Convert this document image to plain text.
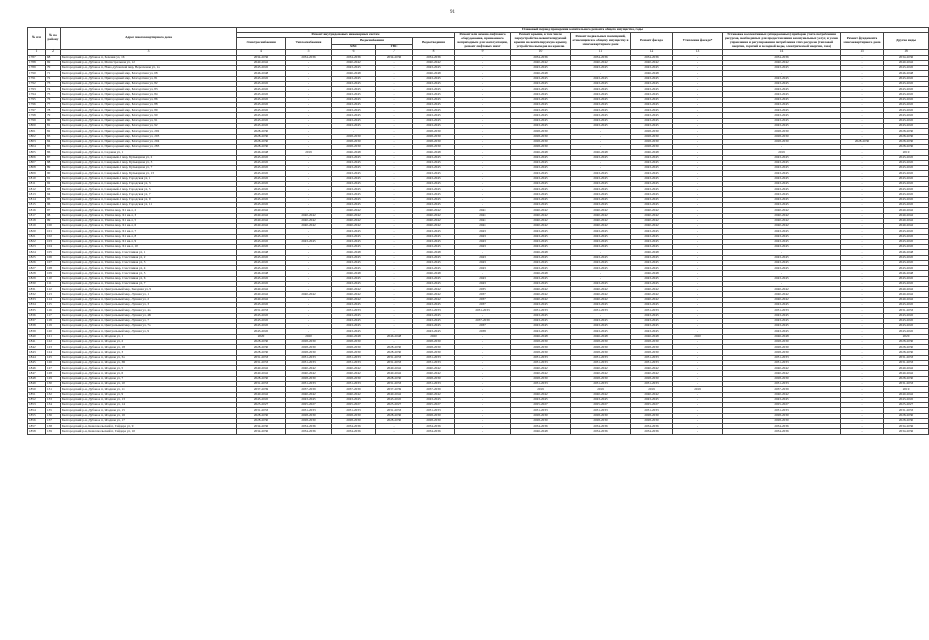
91
№ п/п	№ по району	Адрес многоквартирного дома	Плановый период проведения капитального ремонта общего имущества, годы												
			Ремонт внутридомовых инженерных систем					Ремонт или замена лифтового оборудования, признанного непригодным для эксплуатации, ремонт лифтовых шахт	Ремонт крыши, в том числе переустройство невентилируемой крыши на вентилируемую крышу, устройство выходов на кровлю	Ремонт подвальных помещений, относящихся к общему имуществу в многоквартирном доме	Ремонт фасада	Утепление фасада*	Установка коллективных (общедомовых) приборов учета потребления ресурсов, необходимых для предоставления коммунальных услуг, и узлов управления и регулирования потребления этих ресурсов (тепловой энергии, горячей и холодной воды, электрической энергии, газа)	Ремонт фундамента многоквартирного дома	Другие виды
			Электроснабжения	Теплоснабжения	Водоснабжения		Водоотведения								
					ХВС	ГВС									
1	2	3	4	5	6	7	8	9	10	11	12	13	14	15	16
1787	68	Белгородский р-н, Дубовое п, Зеленая ул, 16	2034-2036	2034-2036	2034-2036	2034-2036	2034-2036	-	2034-2036	2034-2036	2034-2036	-	2034-2036	-	2034-2036
1788	69	Белгородский р-н, Дубовое п, Магистральная ул, 12	2040-2042	-	2040-2042	-	2040-2042	-	2040-2042	2040-2042	2040-2042	-	2040-2042	-	2040-2042
1789	70	Белгородский р-н, Дубовое п, Ново-дубовской мкр, Вересковая ул, 1а	2043-2045	-	2043-2045	-	2043-2045	-	2043-2045	2043-2045	2043-2045	-	2043-2045	-	2043-2045
1790	71	Белгородский р-н, Дубовое п, Пригородный мкр, Благодатная ул, 68	2046-2048	-	2046-2048	-	2046-2048	-	2046-2048	-	2046-2048	-	-	-	2046-2048
1791	72	Белгородский р-н, Дубовое п, Пригородный мкр, Благодатная ул, 81	2043-2045	-	2043-2045	-	2043-2045	-	2043-2045	2043-2045	2043-2045	-	2043-2045	-	2043-2045
1792	73	Белгородский р-н, Дубовое п, Пригородный мкр, Благодатная ул, 82	2043-2045	-	2043-2045	-	2043-2045	-	2043-2045	2043-2045	2043-2045	-	2043-2045	-	2043-2045
1793	74	Белгородский р-н, Дубовое п, Пригородный мкр, Благодатная ул, 83	2043-2045	-	2043-2045	-	2043-2045	-	2043-2045	2043-2045	2043-2045	-	2043-2045	-	2043-2045
1794	75	Белгородский р-н, Дубовое п, Пригородный мкр, Благодатная ул, 84	2043-2045	-	2043-2045	-	2043-2045	-	2043-2045	2043-2045	2043-2045	-	2043-2045	-	2043-2045
1795	76	Белгородский р-н, Дубовое п, Пригородный мкр, Благодатная ул, 86	2043-2045	-	2043-2045	-	2043-2045	-	2043-2045	2043-2045	2043-2045	-	2043-2045	-	2043-2045
1796	77	Белгородский р-н, Дубовое п, Пригородный мкр, Благодатная ул, 88	2043-2045	-	2043-2045	-	2043-2045	-	2043-2045	2043-2045	2043-2045	-	2043-2045	-	2043-2045
1797	78	Белгородский р-н, Дубовое п, Пригородный мкр, Благодатная ул, 89	2043-2045	-	2043-2045	-	2043-2045	-	2043-2045	2043-2045	2043-2045	-	2043-2045	-	2043-2045
1798	79	Белгородский р-н, Дубовое п, Пригородный мкр, Благодатная ул, 90	2043-2045	-	2043-2045	-	2043-2045	-	2043-2045	2043-2045	2043-2045	-	2043-2045	-	2043-2045
1799	80	Белгородский р-н, Дубовое п, Пригородный мкр, Благодатная ул, 91	2043-2045	-	2043-2045	-	2043-2045	-	2043-2045	2043-2045	2043-2045	-	2043-2045	-	2043-2045
1800	81	Белгородский р-н, Дубовое п, Пригородный мкр, Благодатная ул, 92	2043-2045	-	2043-2045	-	2043-2045	-	2043-2045	2043-2045	2043-2045	-	2043-2045	-	2043-2045
1801	82	Белгородский р-н, Дубовое п, Пригородный мкр, Благодатная ул, 202	2028-2030	-	-	-	2028-2030	-	2028-2030	-	2028-2030	-	2028-2030	-	2028-2030
1802	83	Белгородский р-н, Дубовое п, Пригородный мкр, Благодатная ул, 203	2028-2030	-	2028-2030	-	2028-2030	-	2028-2030	-	2028-2030	-	2028-2030	-	2028-2030
1803	84	Белгородский р-н, Дубовое п, Пригородный мкр, Благодатная ул, 204	2028-2030	-	2028-2030	-	2028-2030	-	2028-2030	-	2028-2030	-	2028-2030	2028-2030	2028-2030
1804	85	Белгородский р-н, Дубовое п, Пригородный мкр, Благодатная ул, 283	2028-2030	-	2028-2030	-	2028-2030	-	2028-2030	-	2028-2030	-	-	-	2028-2030
1805	86	Белгородский р-н, Дубовое п, Садовая ул, 1	2046-2048	2019	2046-2048	-	2046-2048	-	2046-2048	2046-2048	2046-2048	-	2019	-	2019
1806	87	Белгородский р-н, Дубовое п, Северный-1 мкр, Бульварная ул, 2	2043-2045	-	2043-2045	-	2043-2045	-	2043-2045	2043-2045	2043-2045	-	2043-2045	-	2043-2045
1807	88	Белгородский р-н, Дубовое п, Северный-1 мкр, Бульварная ул, 3	2043-2045	-	2043-2045	-	2043-2045	-	2043-2045	-	2043-2045	-	2043-2045	-	2043-2045
1808	89	Белгородский р-н, Дубовое п, Северный-1 мкр, Бульварная ул, 7	2043-2045	-	2043-2045	-	2043-2045	-	2043-2045	-	2043-2045	-	2043-2045	-	2043-2045
1809	90	Белгородский р-н, Дубовое п, Северный-1 мкр, Бульварная ул, 13	2043-2045	-	2043-2045	-	2043-2045	-	2043-2045	2043-2045	2043-2045	-	2043-2045	-	2043-2045
1810	91	Белгородский р-н, Дубовое п, Северный-1 мкр, Городская ул, 1	2043-2045	-	2043-2045	-	2043-2045	-	2043-2045	2043-2045	2043-2045	-	2043-2045	-	2043-2045
1811	92	Белгородский р-н, Дубовое п, Северный-1 мкр, Городская ул, 3	2043-2045	-	2043-2045	-	2043-2045	-	2043-2045	2043-2045	2043-2045	-	2043-2045	-	2043-2045
1812	93	Белгородский р-н, Дубовое п, Северный-1 мкр, Городская ул, 5	2043-2045	-	2043-2045	-	2043-2045	-	2043-2045	2043-2045	2043-2045	-	2043-2045	-	2043-2045
1813	94	Белгородский р-н, Дубовое п, Северный-1 мкр, Городская ул, 7	2043-2045	-	2043-2045	-	2043-2045	-	2043-2045	2043-2045	2043-2045	-	2043-2045	-	2043-2045
1814	95	Белгородский р-н, Дубовое п, Северный-1 мкр, Городская ул, 9	2043-2045	-	2043-2045	-	2043-2045	-	2043-2045	2043-2045	2043-2045	-	2043-2045	-	2043-2045
1815	96	Белгородский р-н, Дубовое п, Северный-1 мкр, Городская ул, 11	2043-2045	-	2043-2045	-	2043-2045	-	2043-2045	2043-2045	2043-2045	-	2043-2045	-	2043-2045
1816	97	Белгородский р-н, Дубовое п, Улитка мкр, Х1 кв-л, 2	2040-2042	-	2040-2042	-	2040-2042	2041	2040-2042	2040-2042	2040-2042	-	2040-2042	-	2040-2042
1817	98	Белгородский р-н, Дубовое п, Улитка мкр, Х1 кв-л, 3	2040-2042	2040-2042	2040-2042	-	2040-2042	2041	2040-2042	2040-2042	2040-2042	-	2040-2042	-	2040-2042
1818	99	Белгородский р-н, Дубовое п, Улитка мкр, Х1 кв-л, 5	2040-2042	2040-2042	2040-2042	-	2040-2042	2041	2040-2042	2040-2042	2040-2042	-	2040-2042	-	2040-2042
1819	100	Белгородский р-н, Дубовое п, Улитка мкр, Х1 кв-л, 6	2040-2042	2040-2042	2040-2042	-	2040-2042	2041	2040-2042	2040-2042	2040-2042	-	2040-2042	-	2040-2042
1820	101	Белгородский р-н, Дубовое п, Улитка мкр, Х1 кв-л, 7	2043-2045	-	2043-2045	-	2043-2045	2043	2043-2045	2043-2045	2043-2045	-	2043-2045	-	2043-2045
1821	102	Белгородский р-н, Дубовое п, Улитка мкр, Х1 кв-л, 8	2043-2045	-	2043-2045	-	2043-2045	2043	2043-2045	2043-2045	2043-2045	-	2043-2045	-	2043-2045
1822	103	Белгородский р-н, Дубовое п, Улитка мкр, Х1 кв-л, 9	2043-2045	2043-2045	2043-2045	-	2043-2045	2043	2043-2045	2043-2045	2043-2045	-	2043-2045	-	2043-2045
1823	104	Белгородский р-н, Дубовое п, Улитка мкр, Х1 кв-л, 10	2043-2045	-	2043-2045	-	2043-2045	2043	2043-2045	2043-2045	2043-2045	-	2043-2045	-	2043-2045
1824	105	Белгородский р-н, Дубовое п, Улитка мкр, Счастливая ул, 1	2046-2048	-	2046-2048	-	2046-2048	-	2046-2048	-	2046-2048	-	-	-	2046-2048
1825	106	Белгородский р-н, Дубовое п, Улитка мкр, Счастливая ул, 2	2043-2045	-	2043-2045	-	2043-2045	2043	2043-2045	2043-2045	2043-2045	-	2043-2045	-	2043-2045
1826	107	Белгородский р-н, Дубовое п, Улитка мкр, Счастливая ул, 3	2043-2045	-	2043-2045	-	2043-2045	2043	2043-2045	2043-2045	2043-2045	-	2043-2045	-	2043-2045
1827	108	Белгородский р-н, Дубовое п, Улитка мкр, Счастливая ул, 4	2043-2045	-	2043-2045	-	2043-2045	2043	2043-2045	2043-2045	2043-2045	-	2043-2045	-	2043-2045
1828	109	Белгородский р-н, Дубовое п, Улитка мкр, Счастливая ул, 5	2046-2048	-	2046-2048	-	2046-2048	-	2046-2048	-	2046-2048	-	-	-	2046-2048
1829	110	Белгородский р-н, Дубовое п, Улитка мкр, Счастливая ул, 6	2043-2045	-	2043-2045	-	2043-2045	2043	2043-2045	-	2043-2045	-	2043-2045	-	2043-2045
1830	111	Белгородский р-н, Дубовое п, Улитка мкр, Счастливая ул, 7	2043-2045	-	2043-2045	-	2043-2045	2043	2043-2045	2043-2045	2043-2045	-	-	-	2043-2045
1831	112	Белгородский р-н, Дубовое п, Центральный мкр, Звездная ул, 9	2040-2042	-	2040-2042	-	2040-2042	2035	2040-2042	2040-2042	2040-2042	-	2040-2042	-	2040-2042
1832	113	Белгородский р-н, Дубовое п, Центральный мкр, Лунная ул, 1	2040-2042	2040-2042	2040-2042	-	2040-2042	2037	2040-2042	2040-2042	2040-2042	-	2040-2042	-	2040-2042
1833	114	Белгородский р-н, Дубовое п, Центральный мкр, Лунная ул, 2	2040-2042	-	2040-2042	-	2040-2042	2037	2040-2042	2040-2042	2040-2042	-	2040-2042	-	2040-2042
1834	115	Белгородский р-н, Дубовое п, Центральный мкр, Лунная ул, 3	2043-2045	-	2043-2045	-	2043-2045	2037	2043-2045	2043-2045	2043-2045	-	2043-2045	-	2043-2045
1835	116	Белгородский р-н, Дубовое п, Центральный мкр, Лунная ул, 4а	2031-2033	-	2031-2033	-	2031-2033	2031-2033	2031-2033	2031-2033	2031-2033	-	2031-2033	-	2031-2033
1836	117	Белгородский р-н, Дубовое п, Центральный мкр, Лунная ул, 4Б	2043-2045	-	2043-2045	-	2043-2045	-	2043-2045	-	2043-2045	-	2043-2045	-	2043-2045
1837	118	Белгородский р-н, Дубовое п, Центральный мкр, Лунная ул, 7	2043-2045	-	2043-2045	-	2043-2045	2037-2039	2043-2045	2043-2045	2043-2045	-	2043-2045	-	2043-2045
1838	119	Белгородский р-н, Дубовое п, Центральный мкр, Лунная ул, 7а	2043-2045	-	2043-2045	-	2043-2045	2037	2043-2045	2043-2045	2043-2045	-	2043-2045	-	2043-2045
1839	120	Белгородский р-н, Дубовое п, Центральный мкр, Лунная ул, 9	2043-2045	-	2043-2045	-	2043-2045	2038	2043-2045	2043-2045	2043-2045	-	2043-2045	-	2043-2045
1840	121	Белгородский р-н, Дубовое п, Ягодная ул, 1	2020	2020	2046-2048	2046-2048	2020	-	2046-2048	2046-2048	2046-2048	2020	2046-2048	-	2020
1841	122	Белгородский р-н, Дубовое п, Ягодная ул, 2	2028-2030	2028-2030	2028-2030	-	2028-2030	-	2028-2030	2028-2030	2028-2030	-	2028-2030	-	2028-2030
1842	123	Белгородский р-н, Дубовое п, Ягодная ул, 18	2028-2030	2028-2030	2028-2030	2028-2030	2028-2030	-	2028-2030	2028-2030	2028-2030	-	2028-2030	-	2028-2030
1843	124	Белгородский р-н, Дубовое п, Ягодная ул, 3	2028-2030	2028-2030	2028-2030	2028-2030	2028-2030	-	2028-2030	2028-2030	2028-2030	-	2028-2030	-	2028-2030
1844	125	Белгородский р-н, Дубовое п, Ягодная ул, 3а	2031-2033	2031-2033	2031-2033	2031-2033	2031-2033	-	2031-2033	2031-2033	2031-2033	-	2031-2033	-	2031-2033
1845	126	Белгородский р-н, Дубовое п, Ягодная ул, 3Б	2031-2033	2031-2033	2031-2033	2031-2033	2031-2033	-	2031-2033	2031-2033	2031-2033	-	2031-2033	-	2031-2033
1846	127	Белгородский р-н, Дубовое п, Ягодная ул, 5	2040-2042	2040-2042	2040-2042	2040-2042	2040-2042	-	2040-2042	2040-2042	2040-2042	-	2040-2042	-	2040-2042
1847	128	Белгородский р-н, Дубовое п, Ягодная ул, 6	2040-2042	2040-2042	2040-2042	2040-2042	2040-2042	-	2040-2042	2040-2042	2040-2042	-	2040-2042	-	2040-2042
1848	129	Белгородский р-н, Дубовое п, Ягодная ул, 7	2028-2030	2028-2030	2028-2030	2028-2030	2028-2030	-	2028-2030	2028-2030	2028-2030	-	2028-2030	-	2028-2030
1849	130	Белгородский р-н, Дубовое п, Ягодная ул, 10	2031-2033	2031-2033	2031-2033	2031-2033	2031-2033	-	2031-2033	2031-2033	2031-2033	-	2031-2033	-	2031-2033
1850	131	Белгородский р-н, Дубовое п, Ягодная ул, 11	2037-2039	2037-2039	2037-2039	2037-2039	2037-2039	-	2019	2019	2019	2019	2037-2039	-	2019
1851	132	Белгородский р-н, Дубовое п, Ягодная ул, 9	2040-2042	2040-2042	2040-2042	2040-2042	2040-2042	-	2040-2042	2040-2042	2040-2042	-	2040-2042	-	2040-2042
1852	133	Белгородский р-н, Дубовое п, Ягодная ул, 13	2043-2045	2043-2045	2043-2045	2043-2045	2043-2045	-	2043-2045	2043-2045	2043-2045	-	2043-2045	-	2043-2045
1853	134	Белгородский р-н, Дубовое п, Ягодная ул, 14	2025-2027	2025-2027	2025-2027	2025-2027	2025-2027	-	2025-2027	2025-2027	2025-2027	-	2025-2027	-	2025-2027
1854	135	Белгородский р-н, Дубовое п, Ягодная ул, 15	2031-2033	2031-2033	2031-2033	2031-2033	2031-2033	-	2031-2033	2031-2033	2031-2033	-	2031-2033	-	2031-2033
1855	136	Белгородский р-н, Дубовое п, Ягодная ул, 16	2028-2030	2028-2030	2028-2030	2028-2030	2028-2030	-	2028-2030	2028-2030	2028-2030	-	2028-2030	-	2028-2030
1856	137	Белгородский р-н, Дубовое п, Ягодная ул, 17	2028-2030	2028-2030	2028-2030	2028-2030	2028-2030	-	2028-2030	2028-2030	2028-2030	-	2028-2030	-	2028-2030
1857	138	Белгородский р-н, Комсомольский п, Гайдара ул, 9	2034-2036	2034-2036	2034-2036	-	2034-2036	-	2034-2036	2034-2036	2034-2036	-	2034-2036	-	2034-2036
1858	139	Белгородский р-н, Комсомольский п, Гайдара ул, 10	2034-2036	2034-2036	2034-2036	-	2034-2036	-	2046-2048	2034-2036	2034-2036	-	2034-2036	-	2034-2036
